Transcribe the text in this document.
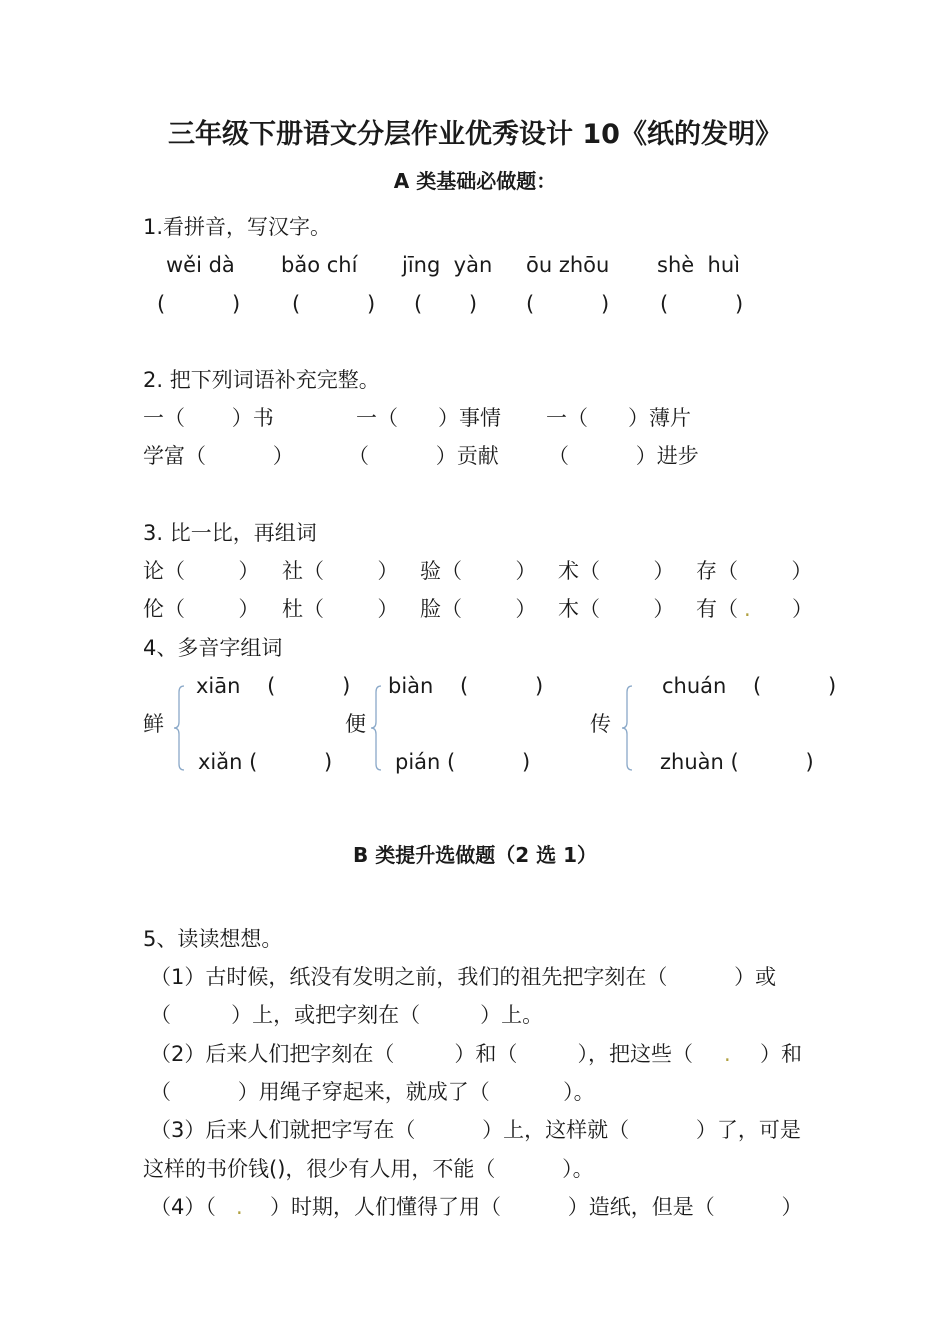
三年级下册语文分层作业优秀设计 10《纸的发明》
A 类基础必做题：
1.看拼音，写汉字。
wěi dà bǎo chí jīng  yàn ōu zhōu shè  huì
(          ) (          ) (       ) (          ) (          )
2. 把下列词语补充完整。
一（       ）书	一（      ）事情 一（      ）薄片
学富（          ）	（          ）贡献 （          ）进步
3. 比一比，再组词
论（        ） 社（        ） 验（        ） 术（        ） 存（        ）
伦（        ） 杜（        ） 脸（        ） 木（        ） 有（ . ）
4、多音字组词
鲜
xiān    (          )
xiǎn (          )
便
biàn    (          )
pián (          )
传
chuán    (          )
zhuàn (          )
B 类提升选做题（2 选 1）
5、读读想想。
（1）古时候，纸没有发明之前，我们的祖先把字刻在（          ）或
（         ）上，或把字刻在（         ）上。
（2）后来人们把字刻在（         ）和（         ），把这些（ . ）和
（          ）用绳子穿起来，就成了（           ）。
（3）后来人们就把字写在（          ）上，这样就（          ）了，可是
这样的书价钱()，很少有人用，不能（          ）。
（4）（ . ）时期，人们懂得了用（          ）造纸，但是（          ）
